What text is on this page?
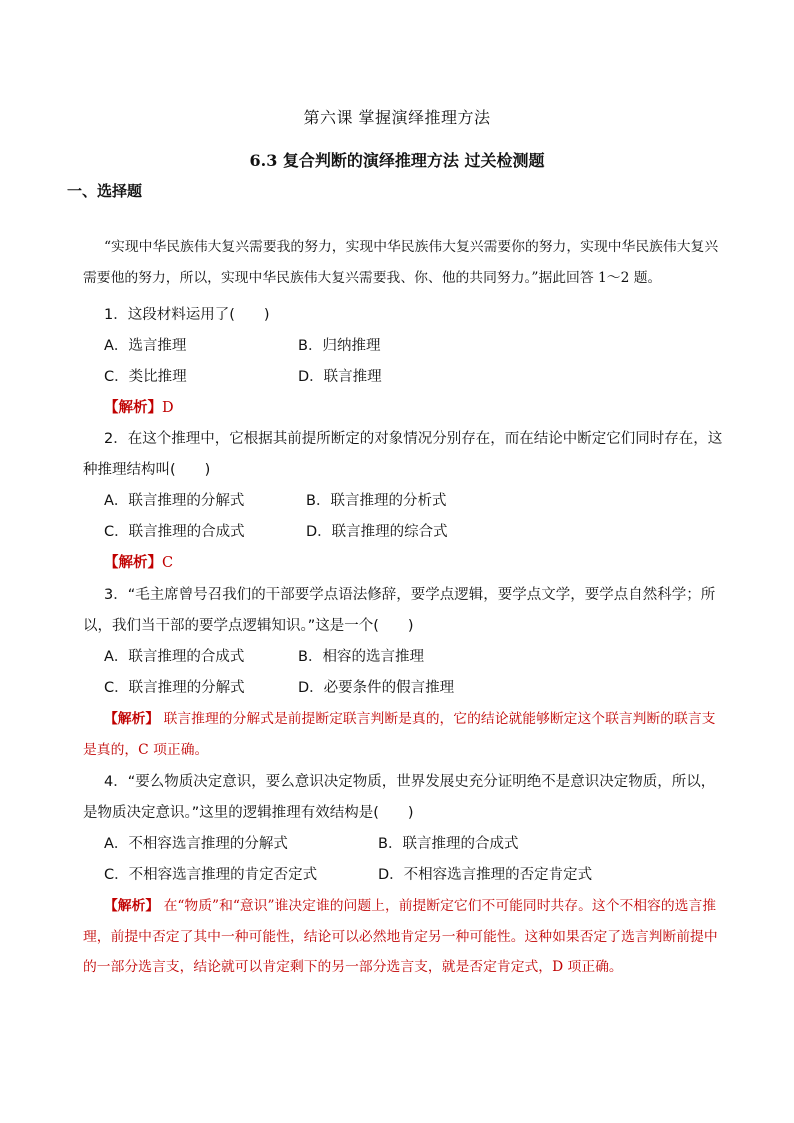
第六课 掌握演绎推理方法
6.3 复合判断的演绎推理方法 过关检测题
一、选择题
“实现中华民族伟大复兴需要我的努力，实现中华民族伟大复兴需要你的努力，实现中华民族伟大复兴需要他的努力，所以，实现中华民族伟大复兴需要我、你、他的共同努力。”据此回答 1～2 题。
1．这段材料运用了(　　)
A．选言推理	B．归纳推理
C．类比推理	D．联言推理
【解析】D
2．在这个推理中，它根据其前提所断定的对象情况分别存在，而在结论中断定它们同时存在，这种推理结构叫(　　)
A．联言推理的分解式	B．联言推理的分析式
C．联言推理的合成式	D．联言推理的综合式
【解析】C
3．“毛主席曾号召我们的干部要学点语法修辞，要学点逻辑，要学点文学，要学点自然科学；所以，我们当干部的要学点逻辑知识。”这是一个(　　)
A．联言推理的合成式	B．相容的选言推理
C．联言推理的分解式	D．必要条件的假言推理
【解析】 联言推理的分解式是前提断定联言判断是真的，它的结论就能够断定这个联言判断的联言支是真的，C 项正确。
4．“要么物质决定意识，要么意识决定物质，世界发展史充分证明绝不是意识决定物质，所以，是物质决定意识。”这里的逻辑推理有效结构是(　　)
A．不相容选言推理的分解式	B．联言推理的合成式
C．不相容选言推理的肯定否定式	D．不相容选言推理的否定肯定式
【解析】 在“物质”和“意识”谁决定谁的问题上，前提断定它们不可能同时共存。这个不相容的选言推理，前提中否定了其中一种可能性，结论可以必然地肯定另一种可能性。这种如果否定了选言判断前提中的一部分选言支，结论就可以肯定剩下的另一部分选言支，就是否定肯定式，D 项正确。
